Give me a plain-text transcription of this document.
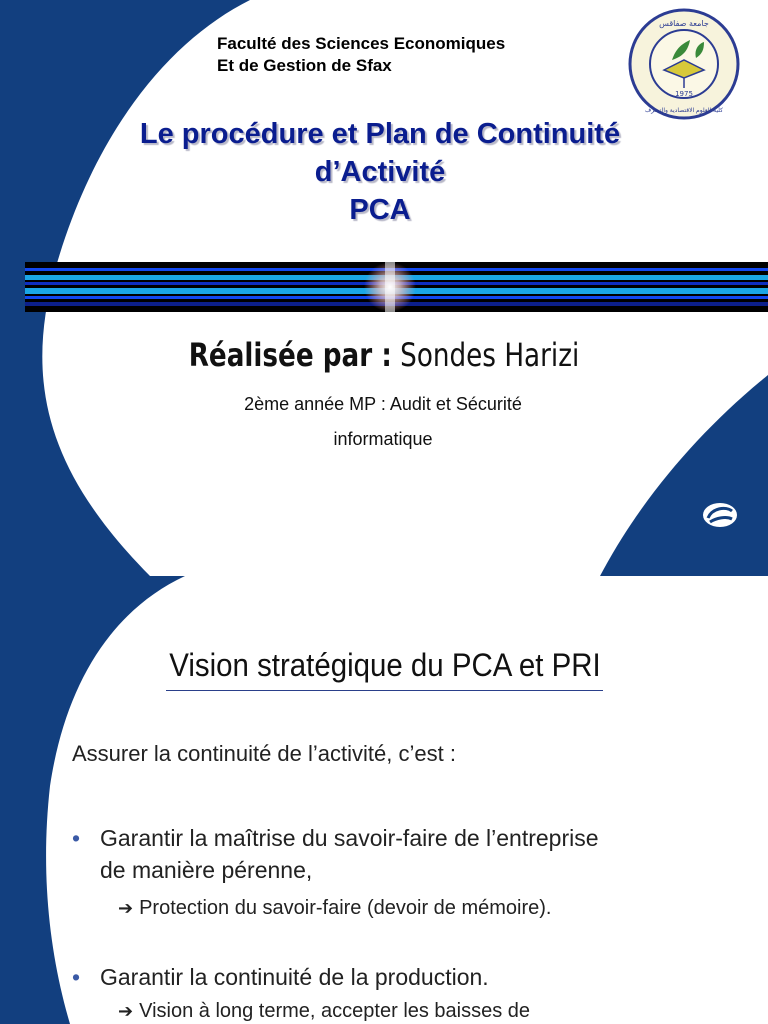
Faculté des Sciences Economiques
Et de Gestion de Sfax
1975
جامعة صفاقس
كلية العلوم الاقتصادية والتصرف
Le procédure et Plan de Continuité
d’Activité
PCA
Réalisée par : Sondes Harizi
2ème année MP : Audit et Sécurité
informatique
Vision stratégique du PCA et PRI
Assurer la continuité de l’activité, c’est :
• Garantir la maîtrise du savoir-faire de l’entreprise
de manière pérenne,
➔ Protection du savoir-faire (devoir de mémoire).
• Garantir la continuité de la production.
➔ Vision à long terme, accepter les baisses de
